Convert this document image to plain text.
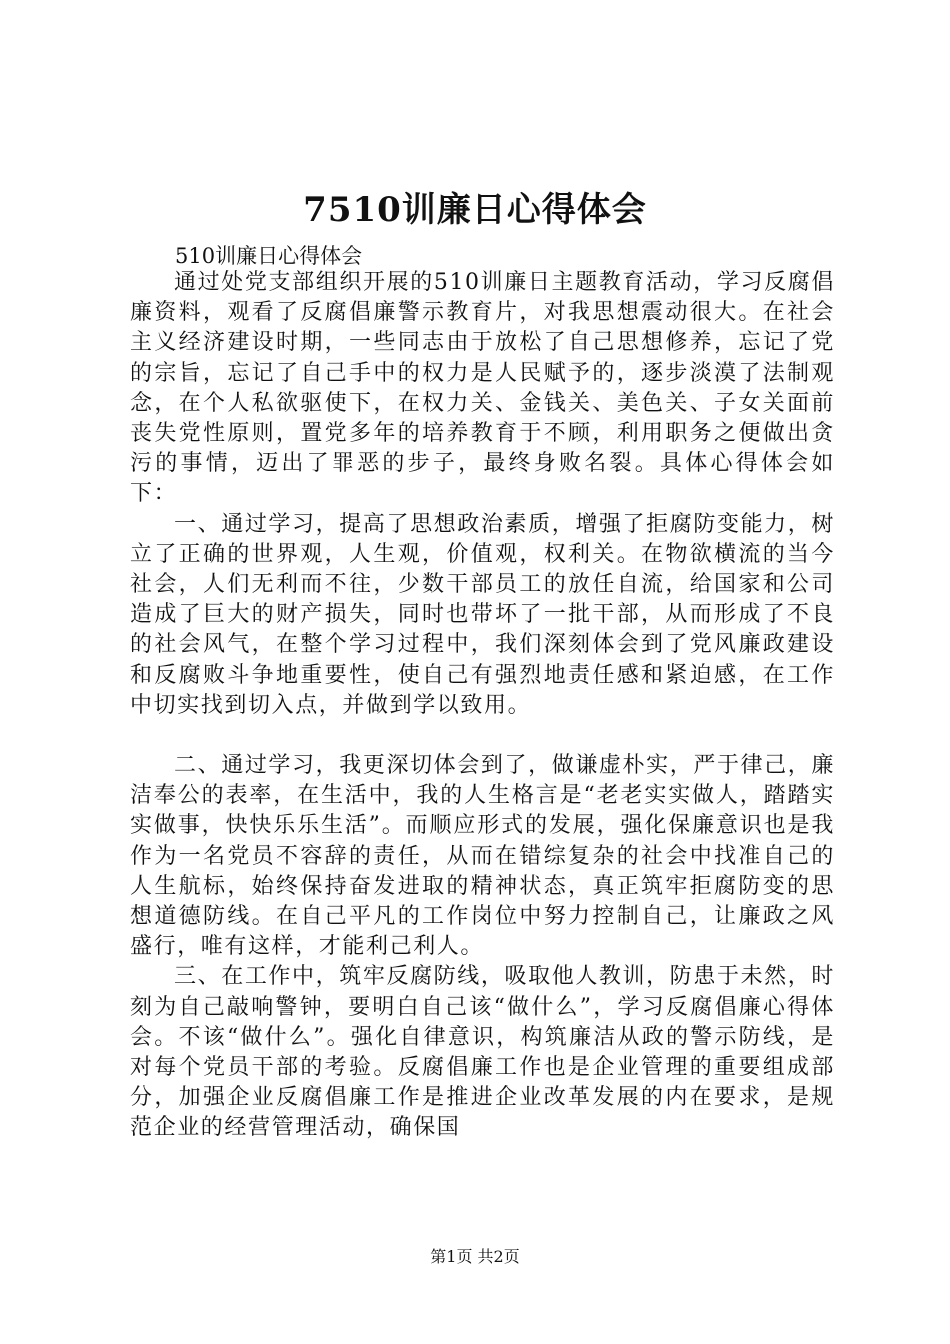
7510训廉日心得体会
510训廉日心得体会

通过处党支部组织开展的510训廉日主题教育活动，学习反腐倡廉资料，观看了反腐倡廉警示教育片，对我思想震动很大。在社会主义经济建设时期，一些同志由于放松了自己思想修养，忘记了党的宗旨，忘记了自己手中的权力是人民赋予的，逐步淡漠了法制观念，在个人私欲驱使下，在权力关、金钱关、美色关、子女关面前丧失党性原则，置党多年的培养教育于不顾，利用职务之便做出贪污的事情，迈出了罪恶的步子，最终身败名裂。具体心得体会如下：

一、通过学习，提高了思想政治素质，增强了拒腐防变能力，树立了正确的世界观，人生观，价值观，权利关。在物欲横流的当今社会，人们无利而不往，少数干部员工的放任自流，给国家和公司造成了巨大的财产损失，同时也带坏了一批干部，从而形成了不良的社会风气，在整个学习过程中，我们深刻体会到了党风廉政建设和反腐败斗争地重要性，使自己有强烈地责任感和紧迫感，在工作中切实找到切入点，并做到学以致用。

二、通过学习，我更深切体会到了，做谦虚朴实，严于律己，廉洁奉公的表率，在生活中，我的人生格言是“老老实实做人，踏踏实实做事，快快乐乐生活”。而顺应形式的发展，强化保廉意识也是我作为一名党员不容辞的责任，从而在错综复杂的社会中找准自己的人生航标，始终保持奋发进取的精神状态，真正筑牢拒腐防变的思想道德防线。在自己平凡的工作岗位中努力控制自己，让廉政之风盛行，唯有这样，才能利己利人。

三、在工作中，筑牢反腐防线，吸取他人教训，防患于未然，时刻为自己敲响警钟，要明白自己该“做什么”，学习反腐倡廉心得体会。不该“做什么”。强化自律意识，构筑廉洁从政的警示防线，是对每个党员干部的考验。反腐倡廉工作也是企业管理的重要组成部分，加强企业反腐倡廉工作是推进企业改革发展的内在要求，是规范企业的经营管理活动，确保国

第1页 共2页
